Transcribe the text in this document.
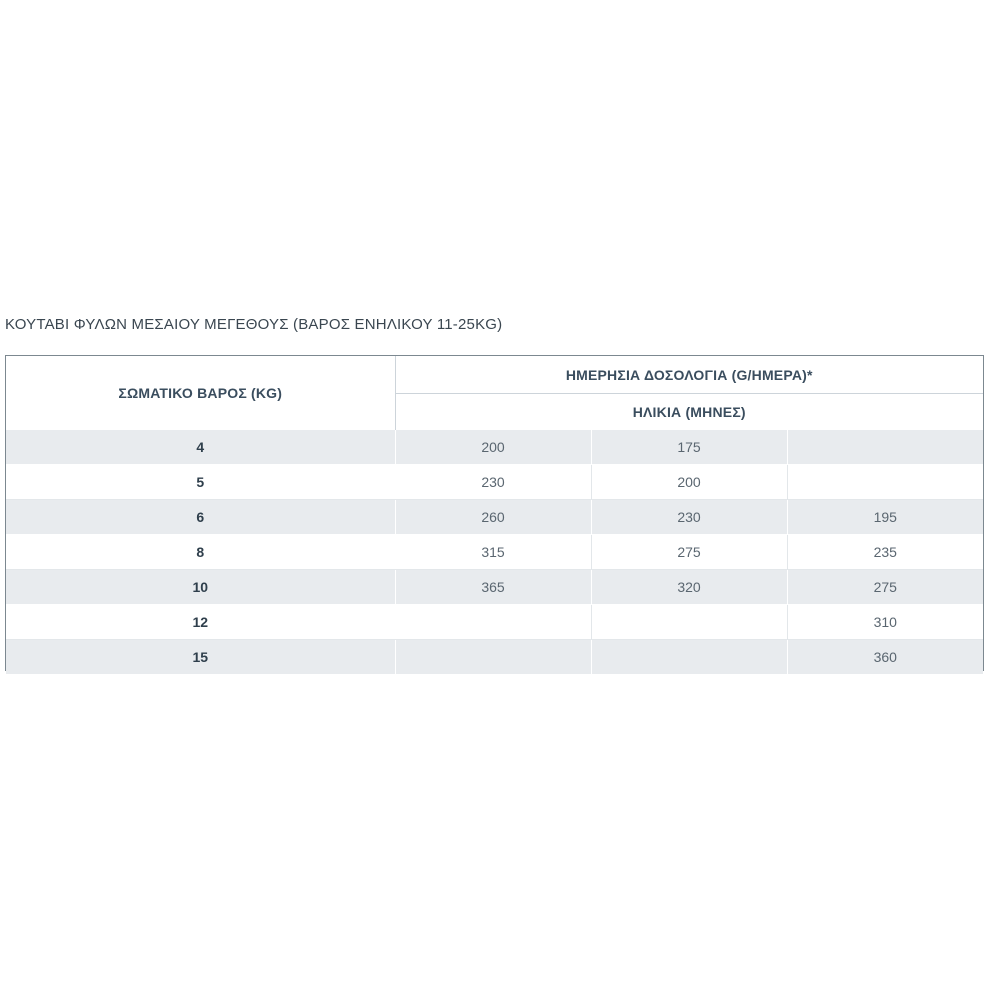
ΚΟΥΤΑΒΙ ΦΥΛΩΝ ΜΕΣΑΙΟΥ ΜΕΓΕΘΟΥΣ (ΒΑΡΟΣ ΕΝΗΛΙΚΟΥ 11-25KG)
ΣΩΜΑΤΙΚΟ ΒΑΡΟΣ (KG)	ΗΜΕΡΗΣΙΑ ΔΟΣΟΛΟΓΙΑ (G/ΗΜΕΡΑ)*		
	ΗΛΙΚΙΑ (ΜΗΝΕΣ)		
4	200	175	
5	230	200	
6	260	230	195
8	315	275	235
10	365	320	275
12			310
15			360
